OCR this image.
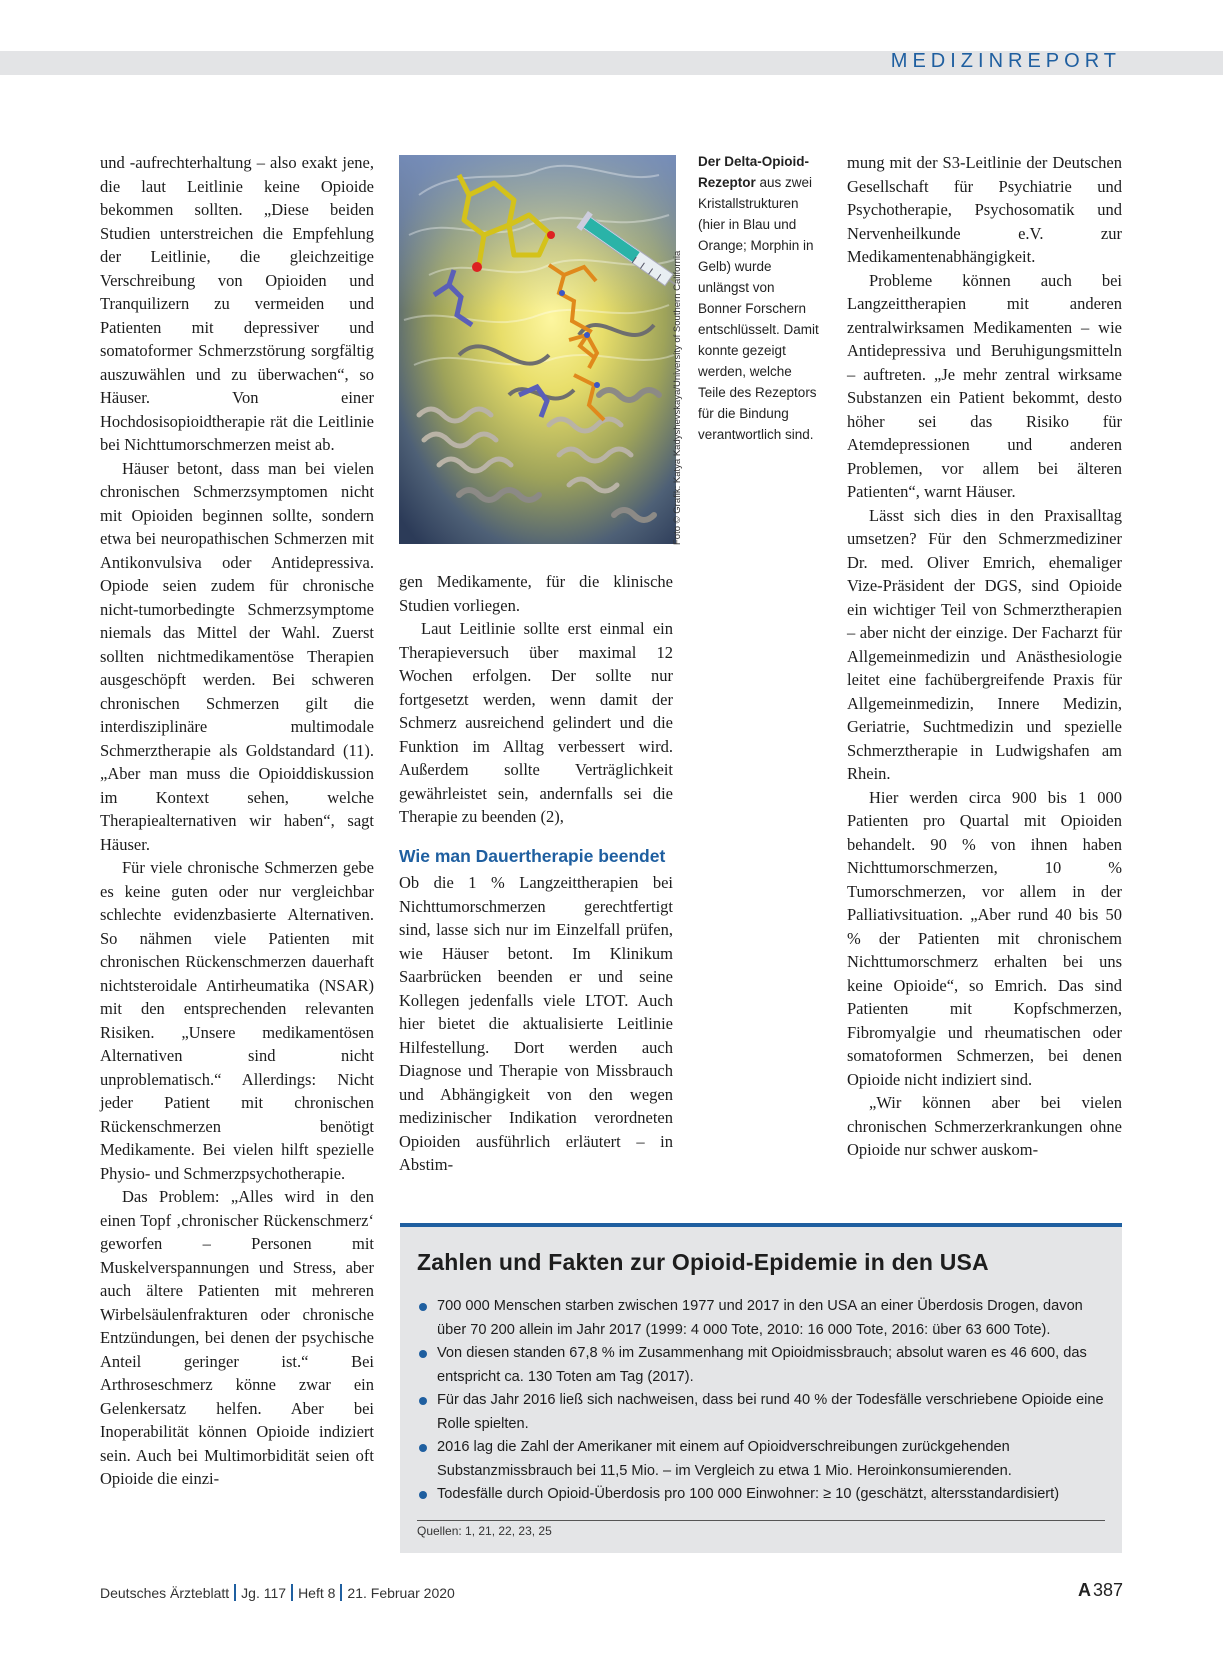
MEDIZINREPORT

und -aufrechterhaltung – also exakt jene, die laut Leitlinie keine Opioide bekommen sollten. „Diese beiden Studien unterstreichen die Empfehlung der Leitlinie, die gleichzeitige Verschreibung von Opioiden und Tranquilizern zu vermeiden und Patienten mit depressiver und somatoformer Schmerzstörung sorgfältig auszuwählen und zu überwachen“, so Häuser. Von einer Hochdosisopioidtherapie rät die Leitlinie bei Nichttumorschmerzen meist ab.

Häuser betont, dass man bei vielen chronischen Schmerzsymptomen nicht mit Opioiden beginnen sollte, sondern etwa bei neuropathischen Schmerzen mit Antikonvulsiva oder Antidepressiva. Opiode seien zudem für chronische nicht-tumorbedingte Schmerzsymptome niemals das Mittel der Wahl. Zuerst sollten nichtmedikamentöse Therapien ausgeschöpft werden. Bei schweren chronischen Schmerzen gilt die interdisziplinäre multimodale Schmerztherapie als Goldstandard (11). „Aber man muss die Opioiddiskussion im Kontext sehen, welche Therapiealternativen wir haben“, sagt Häuser.

Für viele chronische Schmerzen gebe es keine guten oder nur vergleichbar schlechte evidenzbasierte Alternativen. So nähmen viele Patienten mit chronischen Rückenschmerzen dauerhaft nichtsteroidale Antirheumatika (NSAR) mit den entsprechenden relevanten Risiken. „Unsere medikamentösen Alternativen sind nicht unproblematisch.“ Allerdings: Nicht jeder Patient mit chronischen Rückenschmerzen benötigt Medikamente. Bei vielen hilft spezielle Physio- und Schmerzpsychotherapie.

Das Problem: „Alles wird in den einen Topf ‚chronischer Rückenschmerz‘ geworfen – Personen mit Muskelverspannungen und Stress, aber auch ältere Patienten mit mehreren Wirbelsäulenfrakturen oder chronische Entzündungen, bei denen der psychische Anteil geringer ist.“ Bei Arthroseschmerz könne zwar ein Gelenkersatz helfen. Aber bei Inoperabilität können Opioide indiziert sein. Auch bei Multimorbidität seien oft Opioide die einzi-

Foto © Grafik: Katya Kadyshevskaya/University of Southern California
Der Delta-Opioid-Rezeptor aus zwei Kristallstrukturen (hier in Blau und Orange; Morphin in Gelb) wurde unlängst von Bonner Forschern entschlüsselt. Damit konnte gezeigt werden, welche Teile des Rezeptors für die Bindung verantwortlich sind.

gen Medikamente, für die klinische Studien vorliegen.

Laut Leitlinie sollte erst einmal ein Therapieversuch über maximal 12 Wochen erfolgen. Der sollte nur fortgesetzt werden, wenn damit der Schmerz ausreichend gelindert und die Funktion im Alltag verbessert wird. Außerdem sollte Verträglichkeit gewährleistet sein, andernfalls sei die Therapie zu beenden (2),

Wie man Dauertherapie beendet

Ob die 1 % Langzeittherapien bei Nichttumorschmerzen gerechtfertigt sind, lasse sich nur im Einzelfall prüfen, wie Häuser betont. Im Klinikum Saarbrücken beenden er und seine Kollegen jedenfalls viele LTOT. Auch hier bietet die aktualisierte Leitlinie Hilfestellung. Dort werden auch Diagnose und Therapie von Missbrauch und Abhängigkeit von den wegen medizinischer Indikation verordneten Opioiden ausführlich erläutert – in Abstim-

mung mit der S3-Leitlinie der Deutschen Gesellschaft für Psychiatrie und Psychotherapie, Psychosomatik und Nervenheilkunde e.V. zur Medikamentenabhängigkeit.

Probleme können auch bei Langzeittherapien mit anderen zentralwirksamen Medikamenten – wie Antidepressiva und Beruhigungsmitteln – auftreten. „Je mehr zentral wirksame Substanzen ein Patient bekommt, desto höher sei das Risiko für Atemdepressionen und anderen Problemen, vor allem bei älteren Patienten“, warnt Häuser.

Lässt sich dies in den Praxisalltag umsetzen? Für den Schmerzmediziner Dr. med. Oliver Emrich, ehemaliger Vize-Präsident der DGS, sind Opioide ein wichtiger Teil von Schmerztherapien – aber nicht der einzige. Der Facharzt für Allgemeinmedizin und Anästhesiologie leitet eine fachübergreifende Praxis für Allgemeinmedizin, Innere Medizin, Geriatrie, Suchtmedizin und spezielle Schmerztherapie in Ludwigshafen am Rhein.

Hier werden circa 900 bis 1 000 Patienten pro Quartal mit Opioiden behandelt. 90 % von ihnen haben Nichttumorschmerzen, 10 % Tumorschmerzen, vor allem in der Palliativsituation. „Aber rund 40 bis 50 % der Patienten mit chronischem Nichttumorschmerz erhalten bei uns keine Opioide“, so Emrich. Das sind Patienten mit Kopfschmerzen, Fibromyalgie und rheumatischen oder somatoformen Schmerzen, bei denen Opioide nicht indiziert sind.

„Wir können aber bei vielen chronischen Schmerzerkrankungen ohne Opioide nur schwer auskom-

Zahlen und Fakten zur Opioid-Epidemie in den USA
700 000 Menschen starben zwischen 1977 und 2017 in den USA an einer Überdosis Drogen, davon über 70 200 allein im Jahr 2017 (1999: 4 000 Tote, 2010: 16 000 Tote, 2016: über 63 600 Tote).
Von diesen standen 67,8 % im Zusammenhang mit Opioidmissbrauch; absolut waren es 46 600, das entspricht ca. 130 Toten am Tag (2017).
Für das Jahr 2016 ließ sich nachweisen, dass bei rund 40 % der Todesfälle verschriebene Opioide eine Rolle spielten.
2016 lag die Zahl der Amerikaner mit einem auf Opioidverschreibungen zurückgehenden Substanzmissbrauch bei 11,5 Mio. – im Vergleich zu etwa 1 Mio. Heroinkonsumierenden.
Todesfälle durch Opioid-Überdosis pro 100 000 Einwohner: ≥ 10 (geschätzt, altersstandardisiert)
Quellen: 1, 21, 22, 23, 25
Deutsches Ärzteblatt Jg. 117 Heft 8 21. Februar 2020	A 387
